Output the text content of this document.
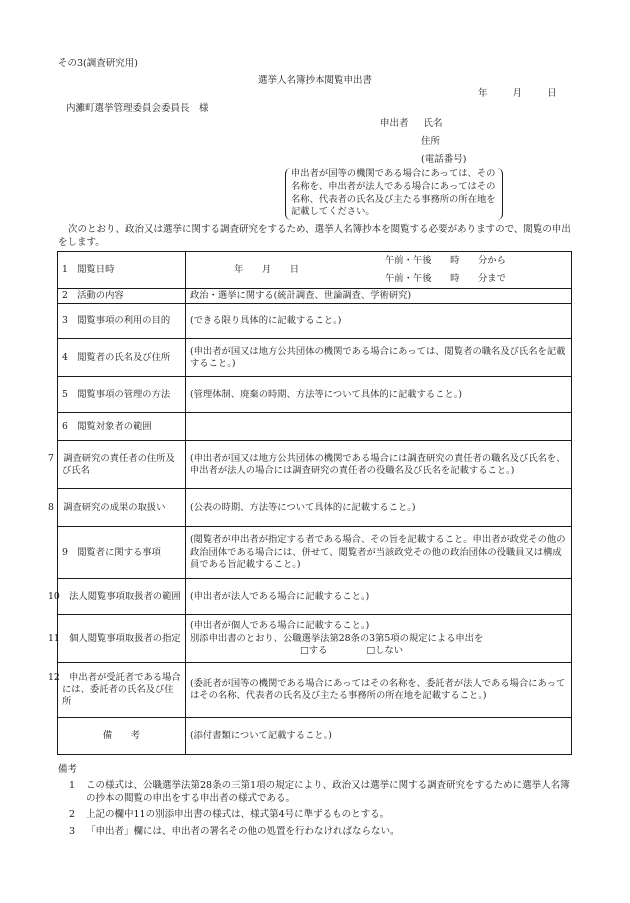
その3(調査研究用)
選挙人名簿抄本閲覧申出書
年	月	日
内灘町選挙管理委員会委員長　様
申出者 氏名
住所
(電話番号)
申出者が国等の機関である場合にあっては、その名称を、申出者が法人である場合にあってはその名称、代表者の氏名及び主たる事務所の所在地を記載してください。
次のとおり、政治又は選挙に関する調査研究をするため、選挙人名簿抄本を閲覧する必要がありますので、閲覧の申出をします。
1　閲覧日時	年　　月　　日
午前・午後　　時　　分から
午前・午後　　時　　分まで

2　活動の内容	政治・選挙に関する(統計調査、世論調査、学術研究)
3　閲覧事項の利用の目的	(できる限り具体的に記載すること。)
4　閲覧者の氏名及び住所	(申出者が国又は地方公共団体の機関である場合にあっては、閲覧者の職名及び氏名を記載すること。)
5　閲覧事項の管理の方法	(管理体制、廃棄の時期、方法等について具体的に記載すること。)
6　閲覧対象者の範囲	
7　調査研究の責任者の住所及び氏名	(申出者が国又は地方公共団体の機関である場合には調査研究の責任者の職名及び氏名を、申出者が法人の場合には調査研究の責任者の役職名及び氏名を記載すること。)
8　調査研究の成果の取扱い	(公表の時期、方法等について具体的に記載すること。)
9　閲覧者に関する事項	(閲覧者が申出者が指定する者である場合、その旨を記載すること。申出者が政党その他の政治団体である場合には、併せて、閲覧者が当該政党その他の政治団体の役職員又は構成員である旨記載すること。)
10　法人閲覧事項取扱者の範囲	(申出者が法人である場合に記載すること。)
11　個人閲覧事項取扱者の指定	(申出者が個人である場合に記載すること。)
別添申出書のとおり、公職選挙法第28条の3第5項の規定による申出を
□する □しない

12　申出者が受託者である場合には、委託者の氏名及び住所	(委託者が国等の機関である場合にあってはその名称を、委託者が法人である場合にあってはその名称、代表者の氏名及び主たる事務所の所在地を記載すること。)
備　　考	(添付書類について記載すること。)
備考
1	この様式は、公職選挙法第28条の三第1項の規定により、政治又は選挙に関する調査研究をするために選挙人名簿の抄本の閲覧の申出をする申出者の様式である。
2	上記の欄中11の別添申出書の様式は、様式第4号に準ずるものとする。
3	「申出者」欄には、申出者の署名その他の処置を行わなければならない。
